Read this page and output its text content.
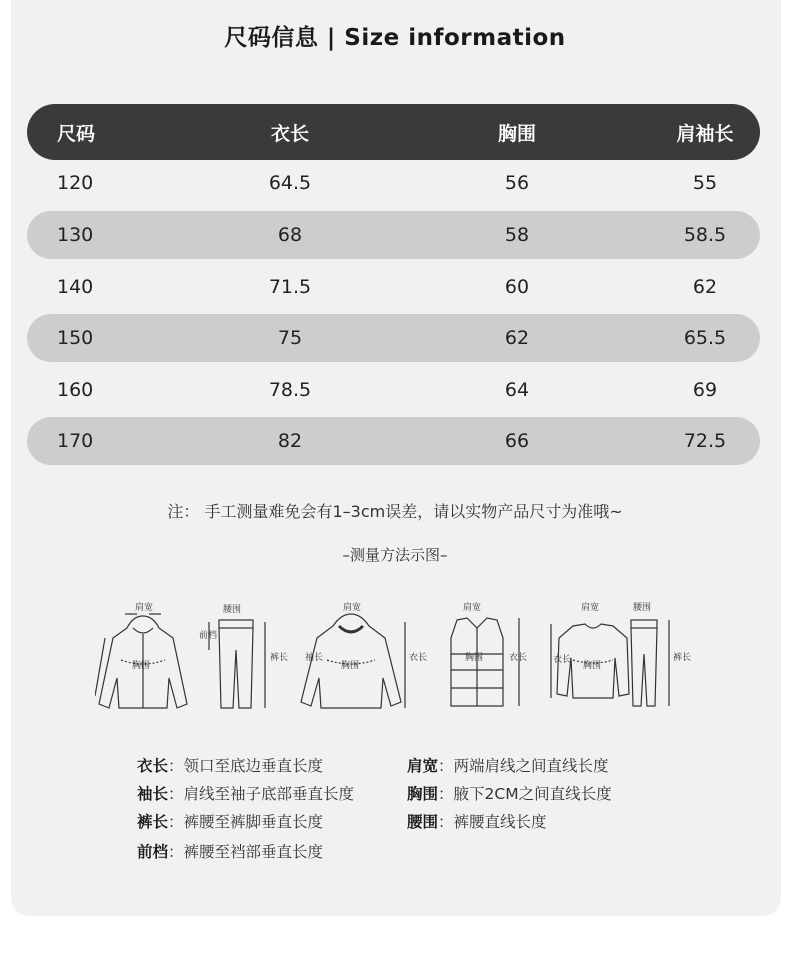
尺码信息 | Size information
尺码	衣长	胸围	肩袖长
120	64.5	56	55
130	68	58	58.5
140	71.5	60	62
150	75	62	65.5
160	78.5	64	69
170	82	66	72.5
注： 手工测量难免会有1–3cm误差，请以实物产品尺寸为准哦~
–测量方法示图–
胸围
肩宽	腰围
裤长
前档
胸围
肩宽
衣长
袖长
肩宽
胸围	衣长
胸围
衣长
肩宽	腰围
裤长
衣长：领口至底边垂直长度
袖长：肩线至袖子底部垂直长度
裤长：裤腰至裤脚垂直长度
前档：裤腰至裆部垂直长度
肩宽：两端肩线之间直线长度
胸围：腋下2CM之间直线长度
腰围：裤腰直线长度
